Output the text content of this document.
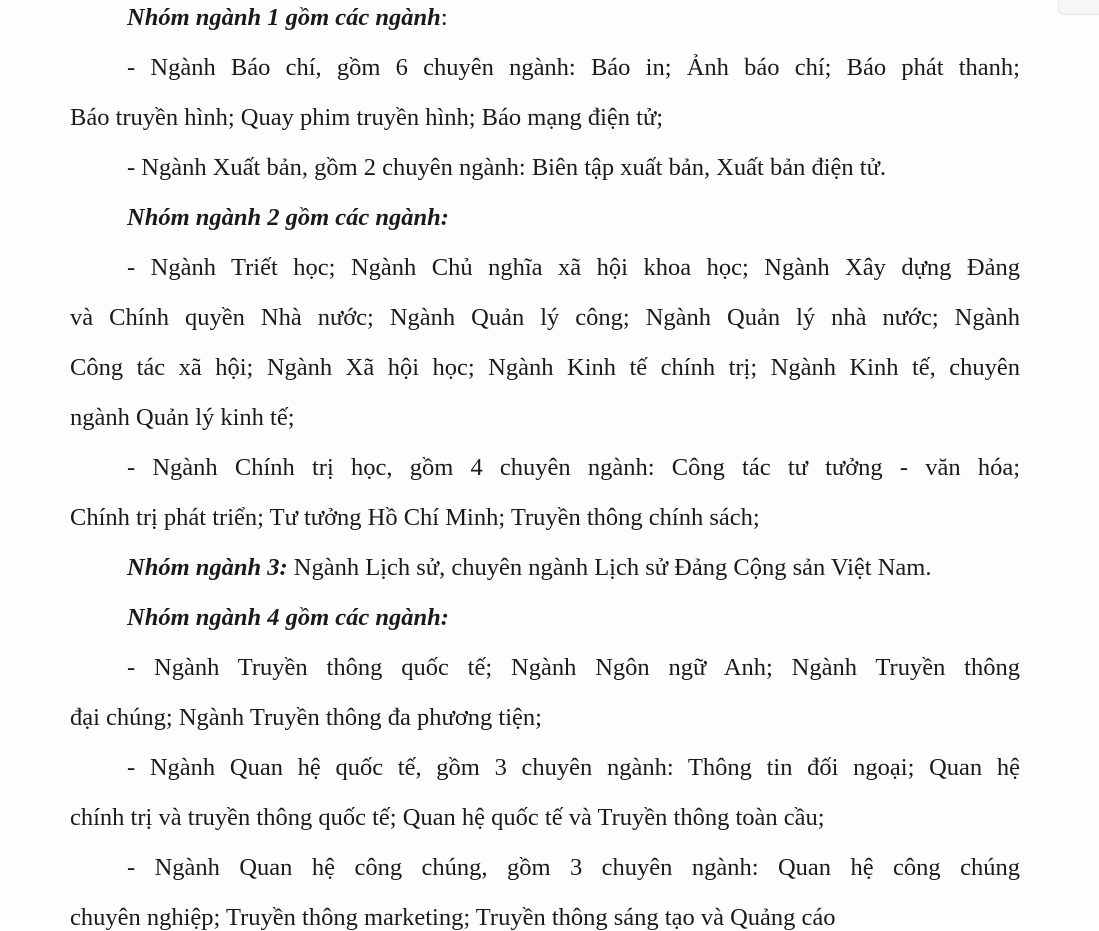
Nhóm ngành 1 gồm các ngành:

- Ngành Báo chí, gồm 6 chuyên ngành: Báo in; Ảnh báo chí; Báo phát thanh;

Báo truyền hình; Quay phim truyền hình; Báo mạng điện tử;

- Ngành Xuất bản, gồm 2 chuyên ngành: Biên tập xuất bản, Xuất bản điện tử.

Nhóm ngành 2 gồm các ngành:

- Ngành Triết học; Ngành Chủ nghĩa xã hội khoa học; Ngành Xây dựng Đảng

và Chính quyền Nhà nước; Ngành Quản lý công; Ngành Quản lý nhà nước; Ngành

Công tác xã hội; Ngành Xã hội học; Ngành Kinh tế chính trị; Ngành Kinh tế, chuyên

ngành Quản lý kinh tế;

- Ngành Chính trị học, gồm 4 chuyên ngành: Công tác tư tưởng - văn hóa;

Chính trị phát triển; Tư tưởng Hồ Chí Minh; Truyền thông chính sách;

Nhóm ngành 3: Ngành Lịch sử, chuyên ngành Lịch sử Đảng Cộng sản Việt Nam.

Nhóm ngành 4 gồm các ngành:

- Ngành Truyền thông quốc tế; Ngành Ngôn ngữ Anh; Ngành Truyền thông

đại chúng; Ngành Truyền thông đa phương tiện;

- Ngành Quan hệ quốc tế, gồm 3 chuyên ngành: Thông tin đối ngoại; Quan hệ

chính trị và truyền thông quốc tế; Quan hệ quốc tế và Truyền thông toàn cầu;

- Ngành Quan hệ công chúng, gồm 3 chuyên ngành: Quan hệ công chúng

chuyên nghiệp; Truyền thông marketing; Truyền thông sáng tạo và Quảng cáo
